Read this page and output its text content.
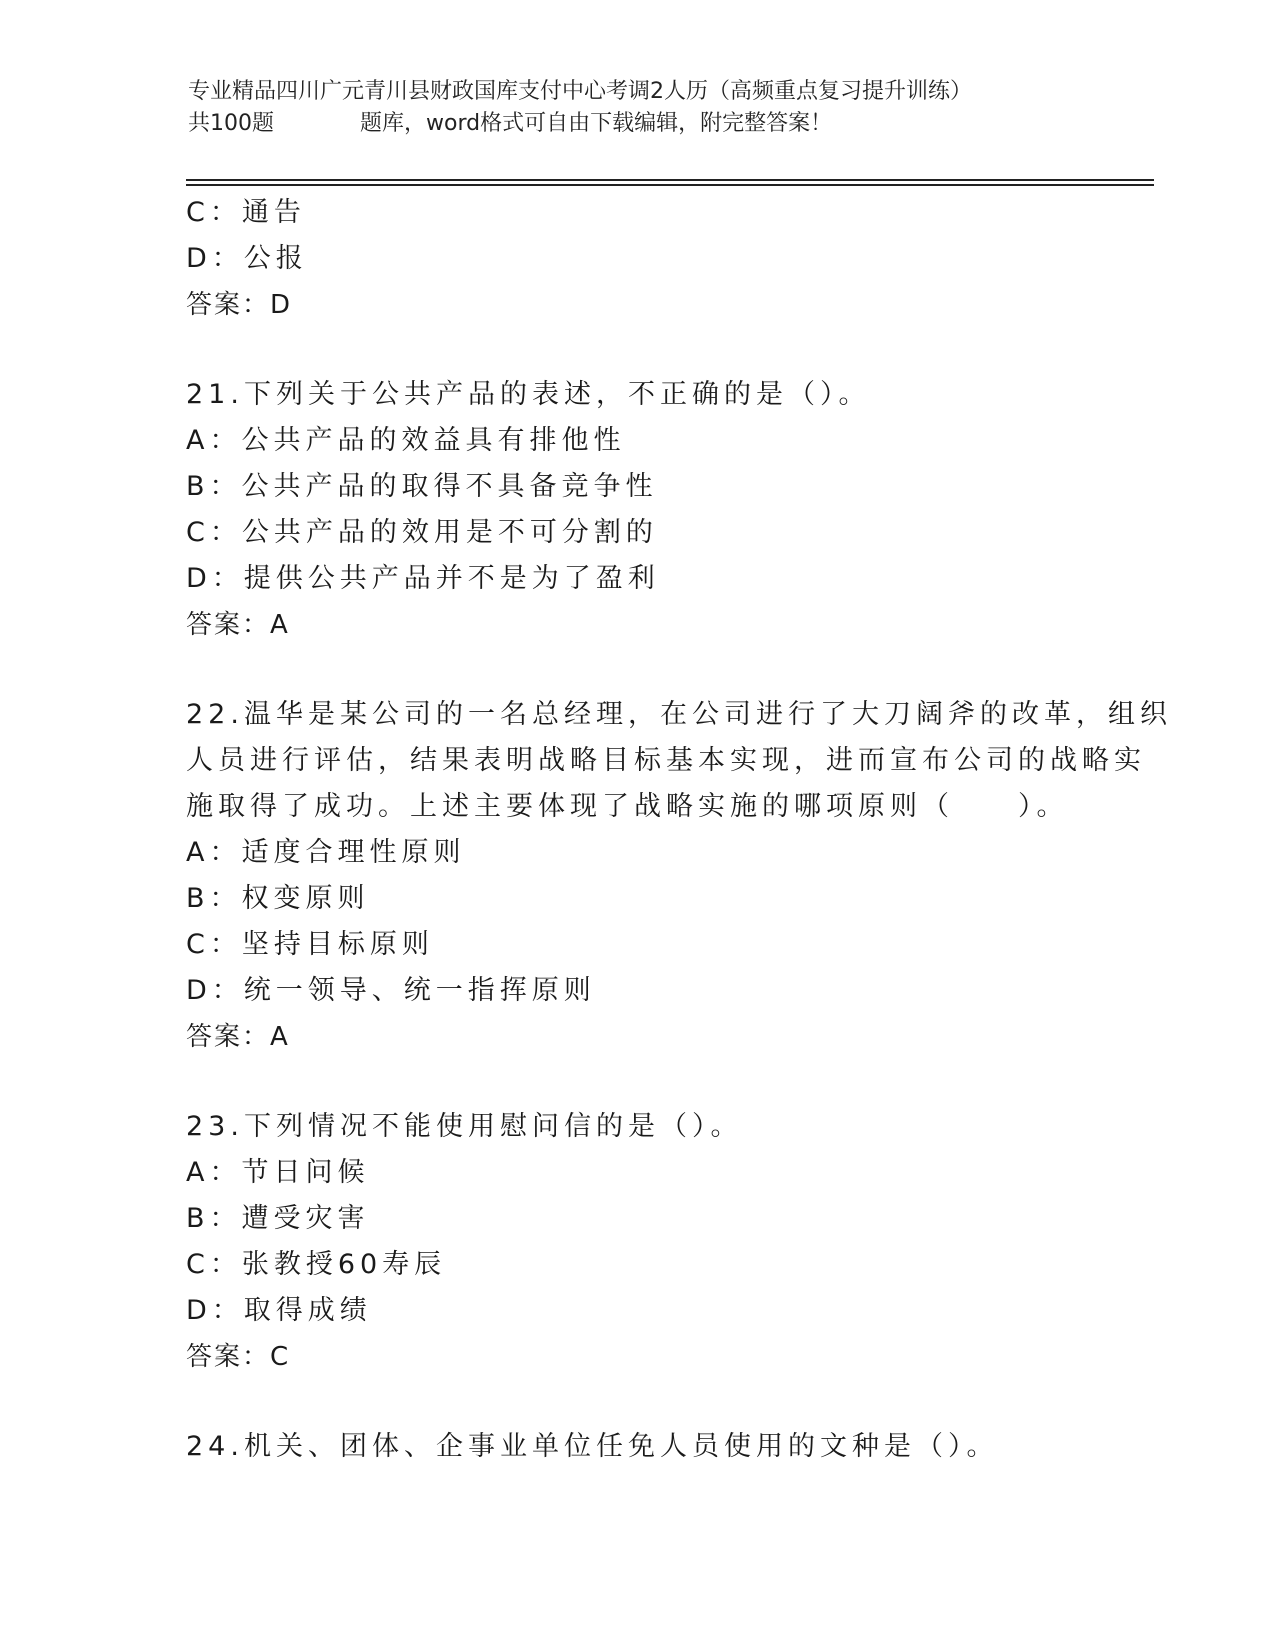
专业精品四川广元青川县财政国库支付中心考调2人历（高频重点复习提升训练）
共100题	题库，word格式可自由下载编辑，附完整答案！
C：通告
D：公报
答案：D
21.下列关于公共产品的表述，不正确的是（）。
A：公共产品的效益具有排他性
B：公共产品的取得不具备竞争性
C：公共产品的效用是不可分割的
D：提供公共产品并不是为了盈利
答案：A
22.温华是某公司的一名总经理，在公司进行了大刀阔斧的改革，组织
人员进行评估，结果表明战略目标基本实现，进而宣布公司的战略实
施取得了成功。上述主要体现了战略实施的哪项原则（　　）。
A：适度合理性原则
B：权变原则
C：坚持目标原则
D：统一领导、统一指挥原则
答案：A
23.下列情况不能使用慰问信的是（）。
A：节日问候
B：遭受灾害
C：张教授60寿辰
D：取得成绩
答案：C
24.机关、团体、企事业单位任免人员使用的文种是（）。
